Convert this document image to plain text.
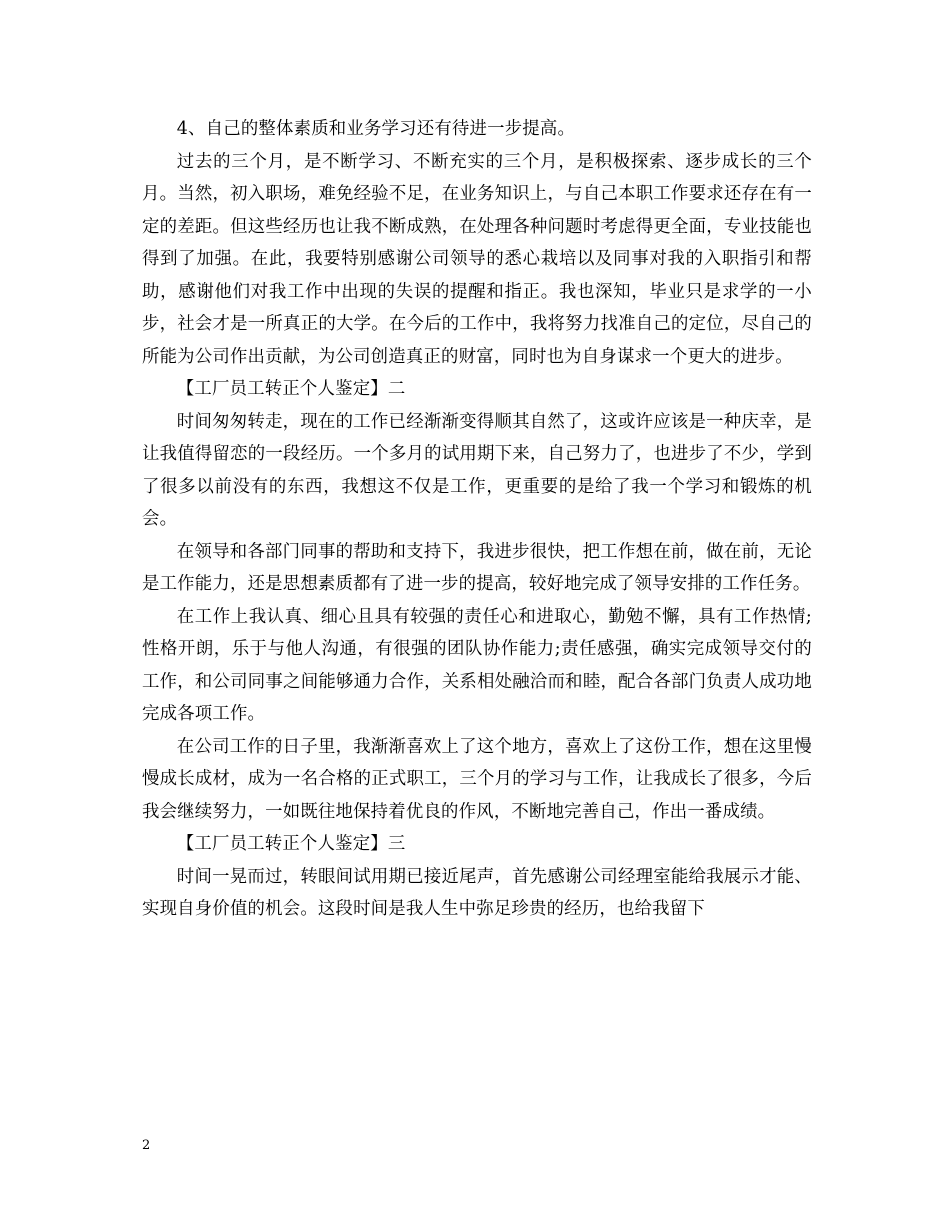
4、自己的整体素质和业务学习还有待进一步提高。

过去的三个月，是不断学习、不断充实的三个月，是积极探索、逐步成长的三个月。当然，初入职场，难免经验不足，在业务知识上，与自己本职工作要求还存在有一定的差距。但这些经历也让我不断成熟，在处理各种问题时考虑得更全面，专业技能也得到了加强。在此，我要特别感谢公司领导的悉心栽培以及同事对我的入职指引和帮助，感谢他们对我工作中出现的失误的提醒和指正。我也深知，毕业只是求学的一小步，社会才是一所真正的大学。在今后的工作中，我将努力找准自己的定位，尽自己的所能为公司作出贡献，为公司创造真正的财富，同时也为自身谋求一个更大的进步。

【工厂员工转正个人鉴定】二

时间匆匆转走，现在的工作已经渐渐变得顺其自然了，这或许应该是一种庆幸，是让我值得留恋的一段经历。一个多月的试用期下来，自己努力了，也进步了不少，学到了很多以前没有的东西，我想这不仅是工作，更重要的是给了我一个学习和锻炼的机会。

在领导和各部门同事的帮助和支持下，我进步很快，把工作想在前，做在前，无论是工作能力，还是思想素质都有了进一步的提高，较好地完成了领导安排的工作任务。

在工作上我认真、细心且具有较强的责任心和进取心，勤勉不懈，具有工作热情;性格开朗，乐于与他人沟通，有很强的团队协作能力;责任感强，确实完成领导交付的工作，和公司同事之间能够通力合作，关系相处融洽而和睦，配合各部门负责人成功地完成各项工作。

在公司工作的日子里，我渐渐喜欢上了这个地方，喜欢上了这份工作，想在这里慢慢成长成材，成为一名合格的正式职工，三个月的学习与工作，让我成长了很多，今后我会继续努力，一如既往地保持着优良的作风，不断地完善自己，作出一番成绩。

【工厂员工转正个人鉴定】三

时间一晃而过，转眼间试用期已接近尾声，首先感谢公司经理室能给我展示才能、实现自身价值的机会。这段时间是我人生中弥足珍贵的经历，也给我留下

2
